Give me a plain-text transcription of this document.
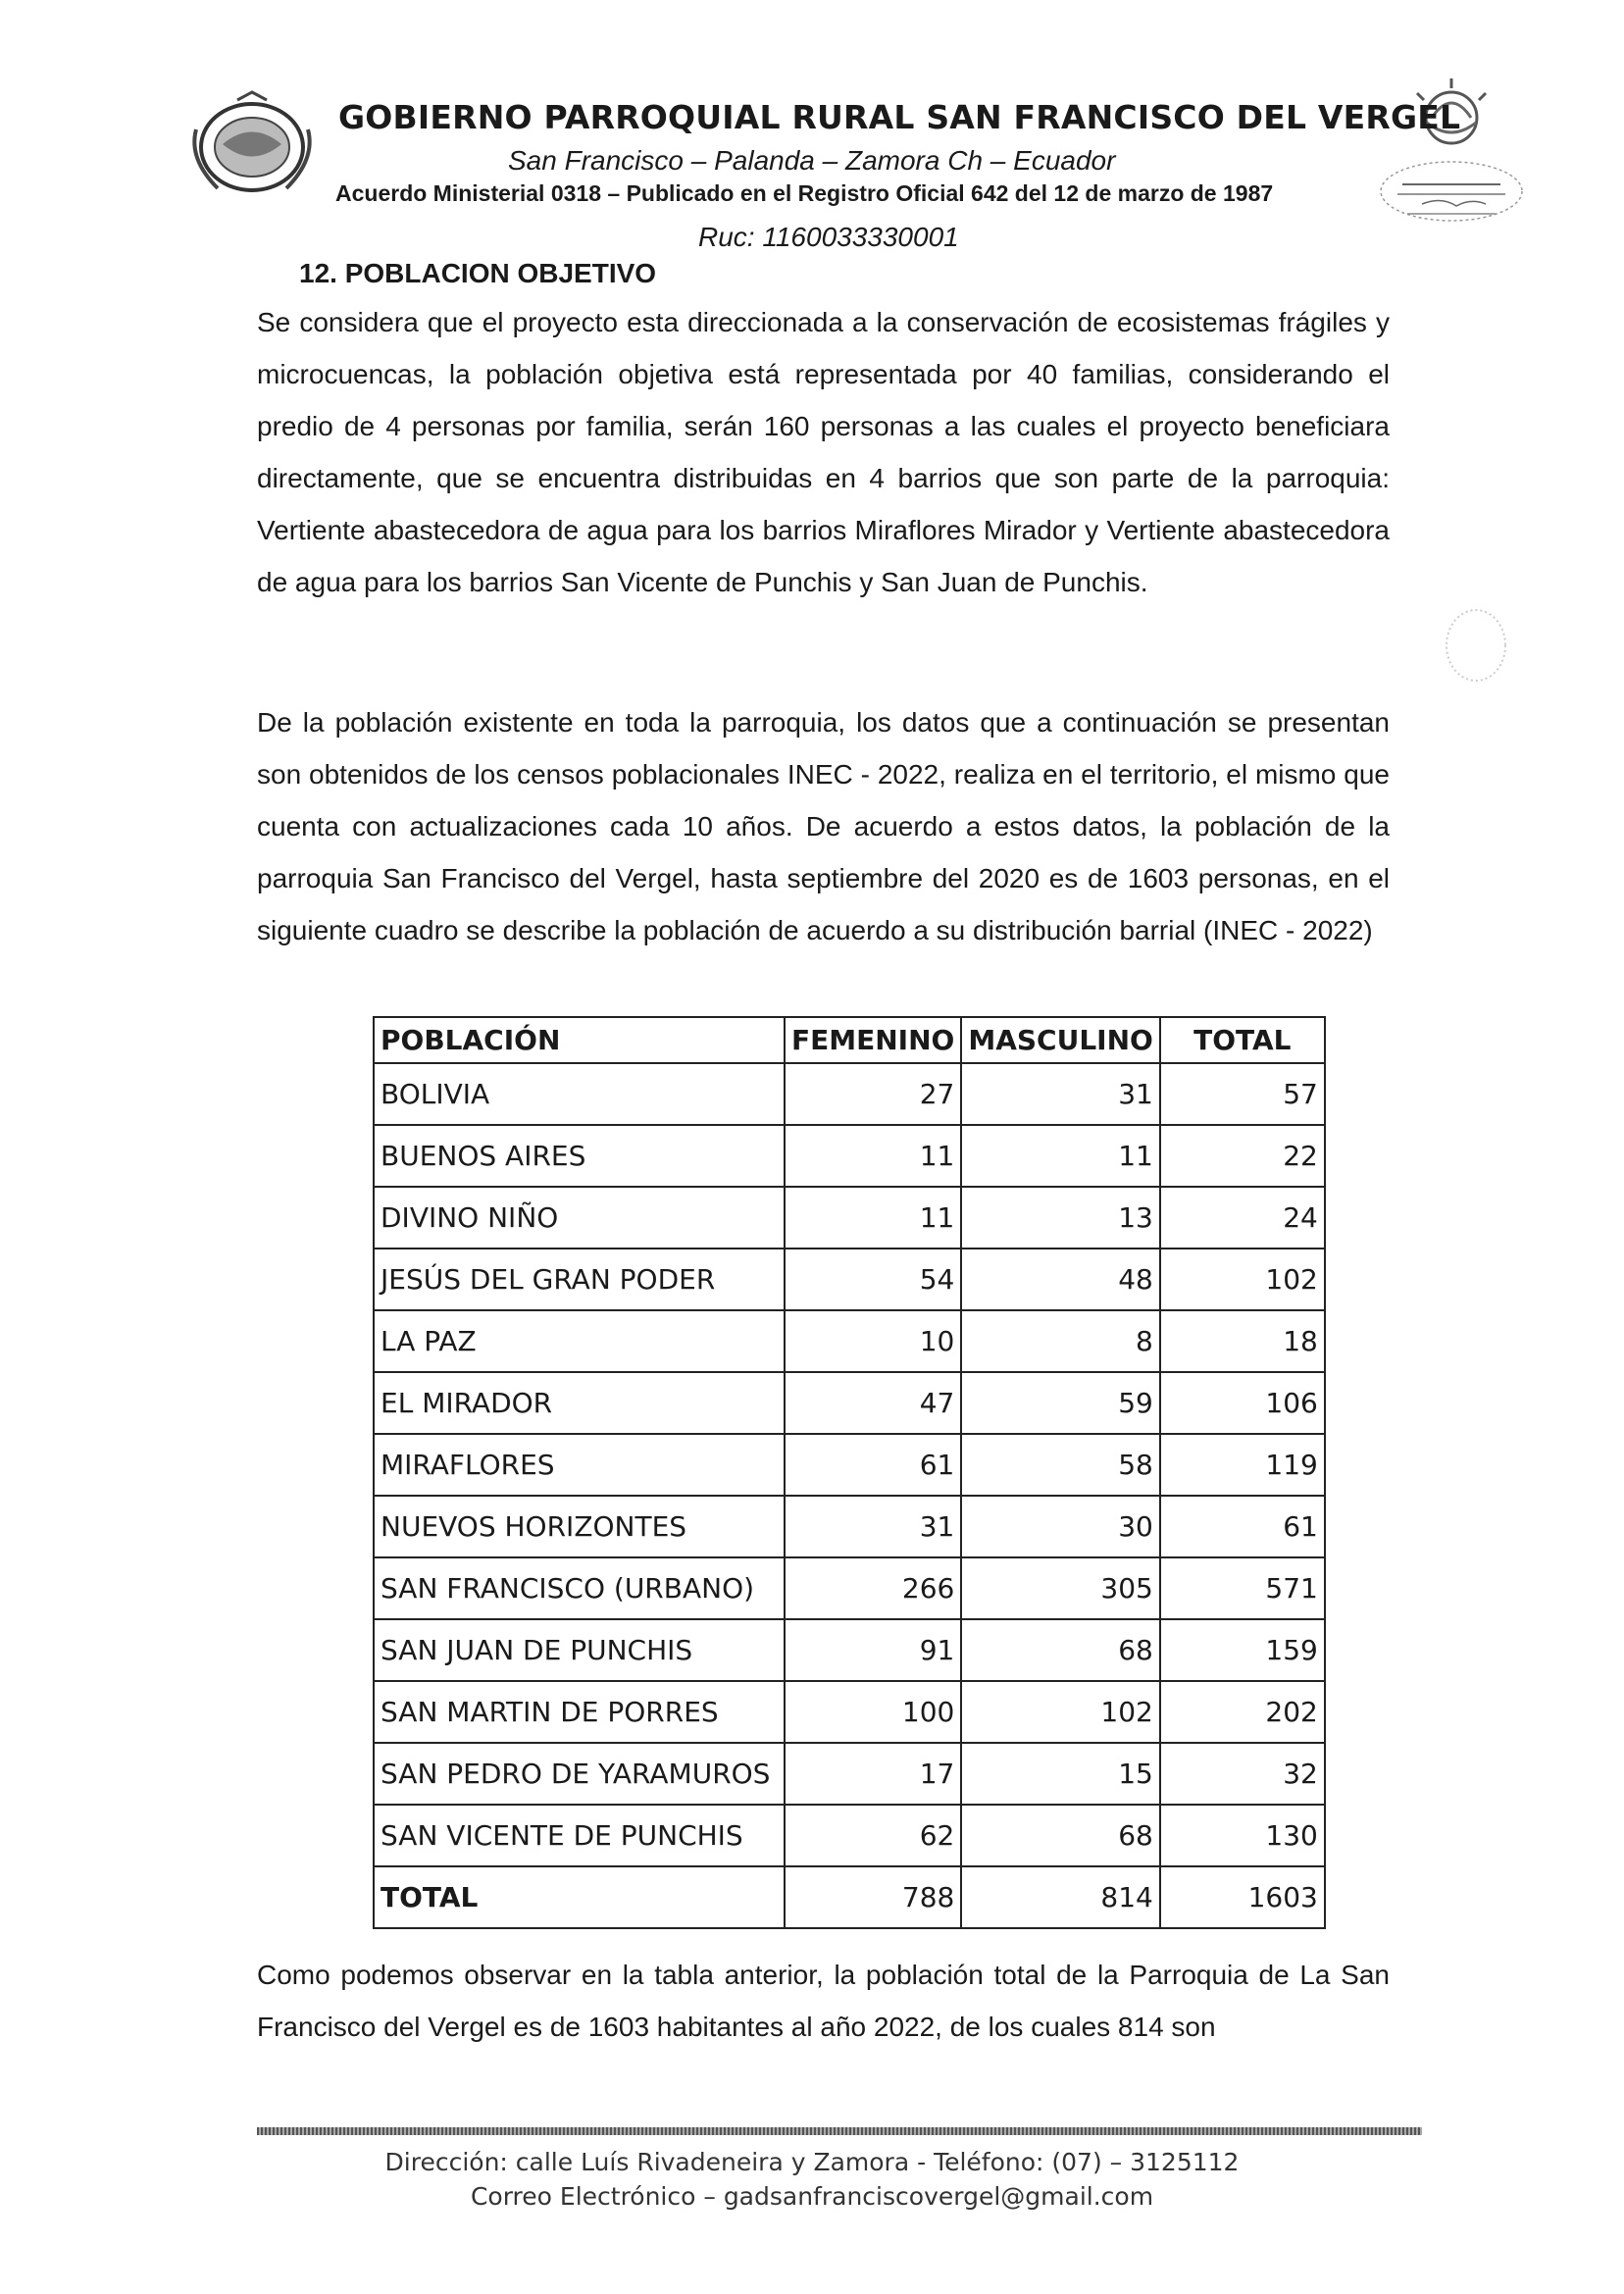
GOBIERNO PARROQUIAL RURAL SAN FRANCISCO DEL VERGEL
San Francisco – Palanda – Zamora Ch – Ecuador
Acuerdo Ministerial 0318 – Publicado en el Registro Oficial 642 del 12 de marzo de 1987
Ruc: 1160033330001
12. POBLACION OBJETIVO
Se considera que el proyecto esta direccionada a la conservación de ecosistemas frágiles y microcuencas, la población objetiva está representada por 40 familias, considerando el predio de 4 personas por familia, serán 160 personas a las cuales el proyecto beneficiara directamente, que se encuentra distribuidas en 4 barrios que son parte de la parroquia: Vertiente abastecedora de agua para los barrios Miraflores Mirador y Vertiente abastecedora de agua para los barrios San Vicente de Punchis y San Juan de Punchis.
De la población existente en toda la parroquia, los datos que a continuación se presentan son obtenidos de los censos poblacionales INEC - 2022, realiza en el territorio, el mismo que cuenta con actualizaciones cada 10 años. De acuerdo a estos datos, la población de la parroquia San Francisco del Vergel, hasta septiembre del 2020 es de 1603 personas, en el siguiente cuadro se describe la población de acuerdo a su distribución barrial (INEC - 2022)
POBLACIÓN	FEMENINO	MASCULINO	TOTAL
BOLIVIA	27	31	57
BUENOS AIRES	11	11	22
DIVINO NIÑO	11	13	24
JESÚS DEL GRAN PODER	54	48	102
LA PAZ	10	8	18
EL MIRADOR	47	59	106
MIRAFLORES	61	58	119
NUEVOS HORIZONTES	31	30	61
SAN FRANCISCO (URBANO)	266	305	571
SAN JUAN DE PUNCHIS	91	68	159
SAN MARTIN DE PORRES	100	102	202
SAN PEDRO DE YARAMUROS	17	15	32
SAN VICENTE DE PUNCHIS	62	68	130
TOTAL	788	814	1603
Como podemos observar en la tabla anterior, la población total de la Parroquia de La San Francisco del Vergel es de 1603 habitantes al año 2022, de los cuales 814 son
Dirección: calle Luís Rivadeneira y Zamora - Teléfono: (07) – 3125112
Correo Electrónico – gadsanfranciscovergel@gmail.com
